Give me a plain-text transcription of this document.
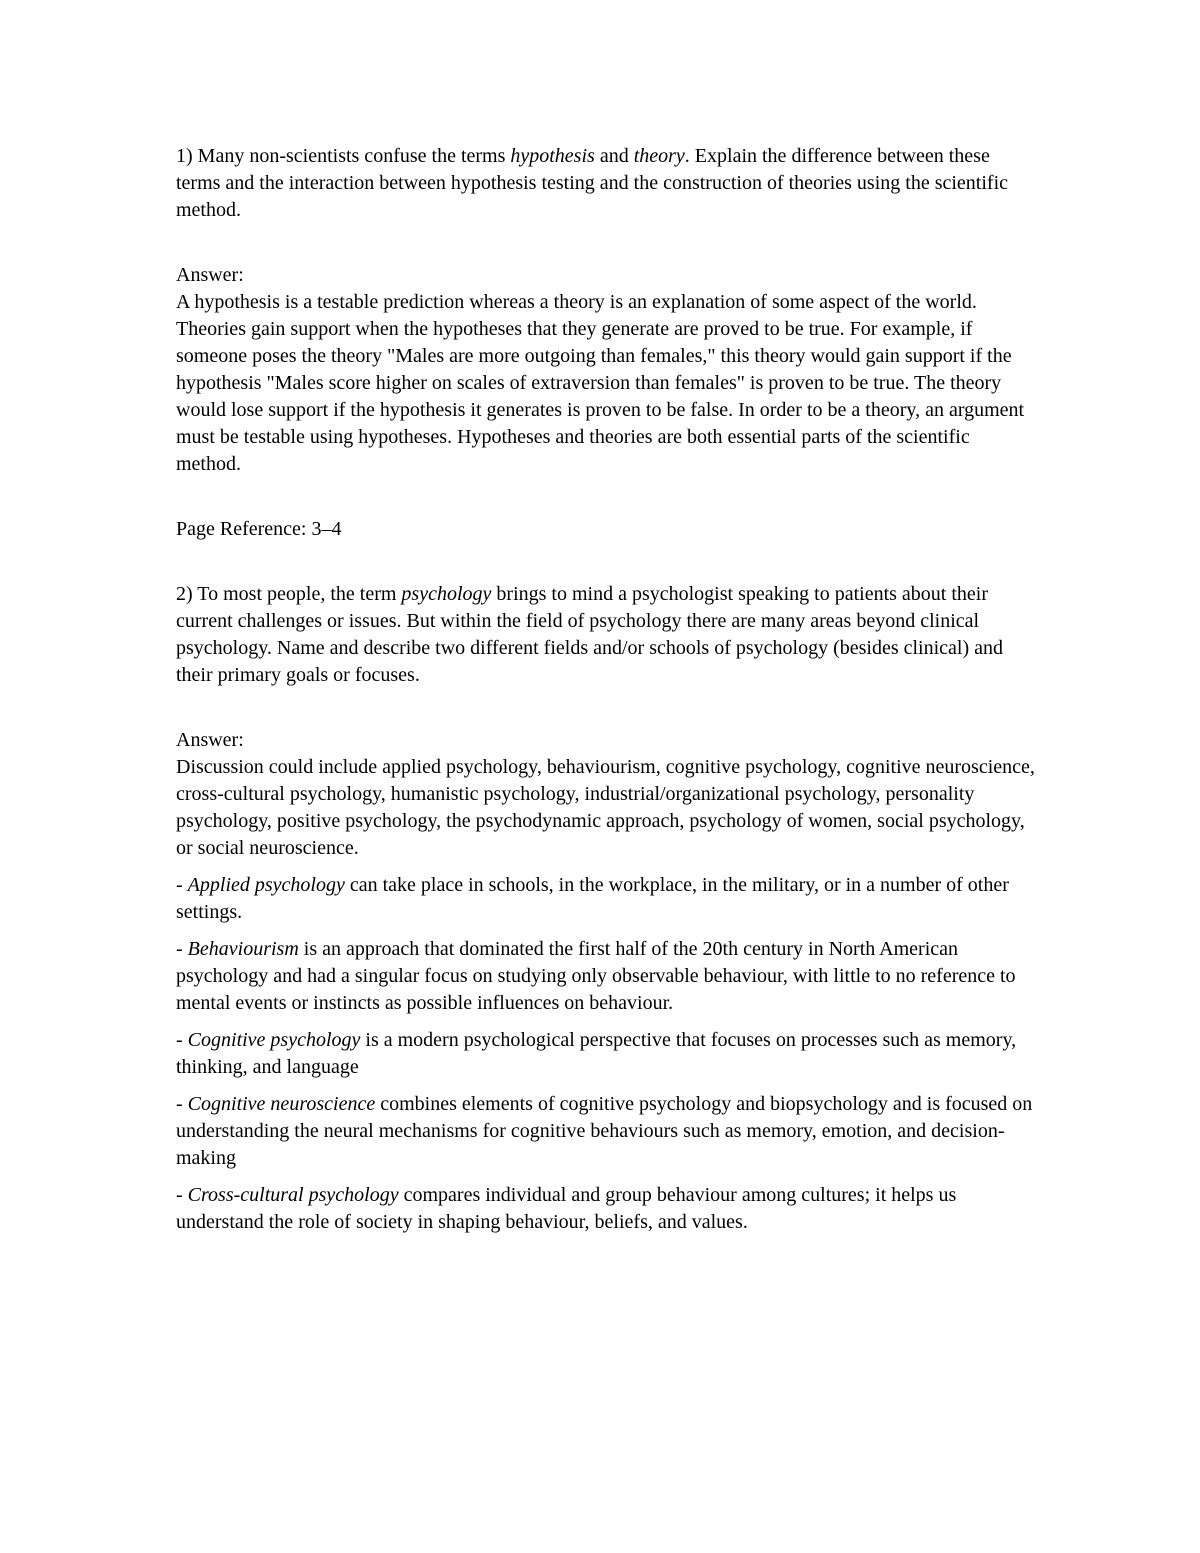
1) Many non-scientists confuse the terms hypothesis and theory. Explain the difference between these terms and the interaction between hypothesis testing and the construction of theories using the scientific method.

Answer:

A hypothesis is a testable prediction whereas a theory is an explanation of some aspect of the world. Theories gain support when the hypotheses that they generate are proved to be true. For example, if someone poses the theory "Males are more outgoing than females," this theory would gain support if the hypothesis "Males score higher on scales of extraversion than females" is proven to be true. The theory would lose support if the hypothesis it generates is proven to be false. In order to be a theory, an argument must be testable using hypotheses. Hypotheses and theories are both essential parts of the scientific method.

Page Reference: 3–4

2) To most people, the term psychology brings to mind a psychologist speaking to patients about their current challenges or issues. But within the field of psychology there are many areas beyond clinical psychology. Name and describe two different fields and/or schools of psychology (besides clinical) and their primary goals or focuses.

Answer:

Discussion could include applied psychology, behaviourism, cognitive psychology, cognitive neuroscience, cross-cultural psychology, humanistic psychology, industrial/organizational psychology, personality psychology, positive psychology, the psychodynamic approach, psychology of women, social psychology, or social neuroscience.

- Applied psychology can take place in schools, in the workplace, in the military, or in a number of other settings.

- Behaviourism is an approach that dominated the first half of the 20th century in North American psychology and had a singular focus on studying only observable behaviour, with little to no reference to mental events or instincts as possible influences on behaviour.

- Cognitive psychology is a modern psychological perspective that focuses on processes such as memory, thinking, and language

- Cognitive neuroscience combines elements of cognitive psychology and biopsychology and is focused on understanding the neural mechanisms for cognitive behaviours such as memory, emotion, and decision-making

- Cross-cultural psychology compares individual and group behaviour among cultures; it helps us understand the role of society in shaping behaviour, beliefs, and values.
